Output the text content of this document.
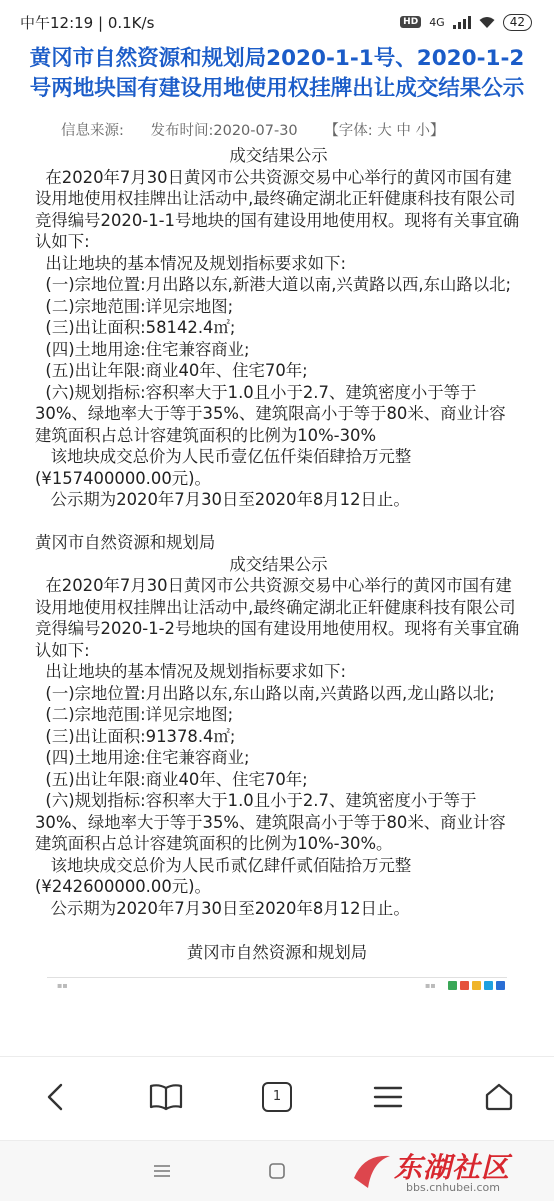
中午12:19 | 0.1K/s	HD 4G	42
黄冈市自然资源和规划局2020-1-1号、2020-1-2号两地块国有建设用地使用权挂牌出让成交结果公示
信息来源: 发布时间:2020-07-30 【字体: 大 中 小】

成交结果公示

在2020年7月30日黄冈市公共资源交易中心举行的黄冈市国有建设用地使用权挂牌出让活动中,最终确定湖北正轩健康科技有限公司竞得编号2020-1-1号地块的国有建设用地使用权。现将有关事宜确认如下:

出让地块的基本情况及规划指标要求如下:

(一)宗地位置:月出路以东,新港大道以南,兴黄路以西,东山路以北;

(二)宗地范围:详见宗地图;

(三)出让面积:58142.4㎡;

(四)土地用途:住宅兼容商业;

(五)出让年限:商业40年、住宅70年;

(六)规划指标:容积率大于1.0且小于2.7、建筑密度小于等于30%、绿地率大于等于35%、建筑限高小于等于80米、商业计容建筑面积占总计容建筑面积的比例为10%-30%

该地块成交总价为人民币壹亿伍仟柒佰肆拾万元整(¥157400000.00元)。

公示期为2020年7月30日至2020年8月12日止。

黄冈市自然资源和规划局

成交结果公示

在2020年7月30日黄冈市公共资源交易中心举行的黄冈市国有建设用地使用权挂牌出让活动中,最终确定湖北正轩健康科技有限公司竞得编号2020-1-2号地块的国有建设用地使用权。现将有关事宜确认如下:

出让地块的基本情况及规划指标要求如下:

(一)宗地位置:月出路以东,东山路以南,兴黄路以西,龙山路以北;

(二)宗地范围:详见宗地图;

(三)出让面积:91378.4㎡;

(四)土地用途:住宅兼容商业;

(五)出让年限:商业40年、住宅70年;

(六)规划指标:容积率大于1.0且小于2.7、建筑密度小于等于30%、绿地率大于等于35%、建筑限高小于等于80米、商业计容建筑面积占总计容建筑面积的比例为10%-30%。

该地块成交总价为人民币贰亿肆仟贰佰陆拾万元整(¥242600000.00元)。

公示期为2020年7月30日至2020年8月12日止。

黄冈市自然资源和规划局
▪▪	▪▪
1
东湖社区
bbs.cnhubei.com
